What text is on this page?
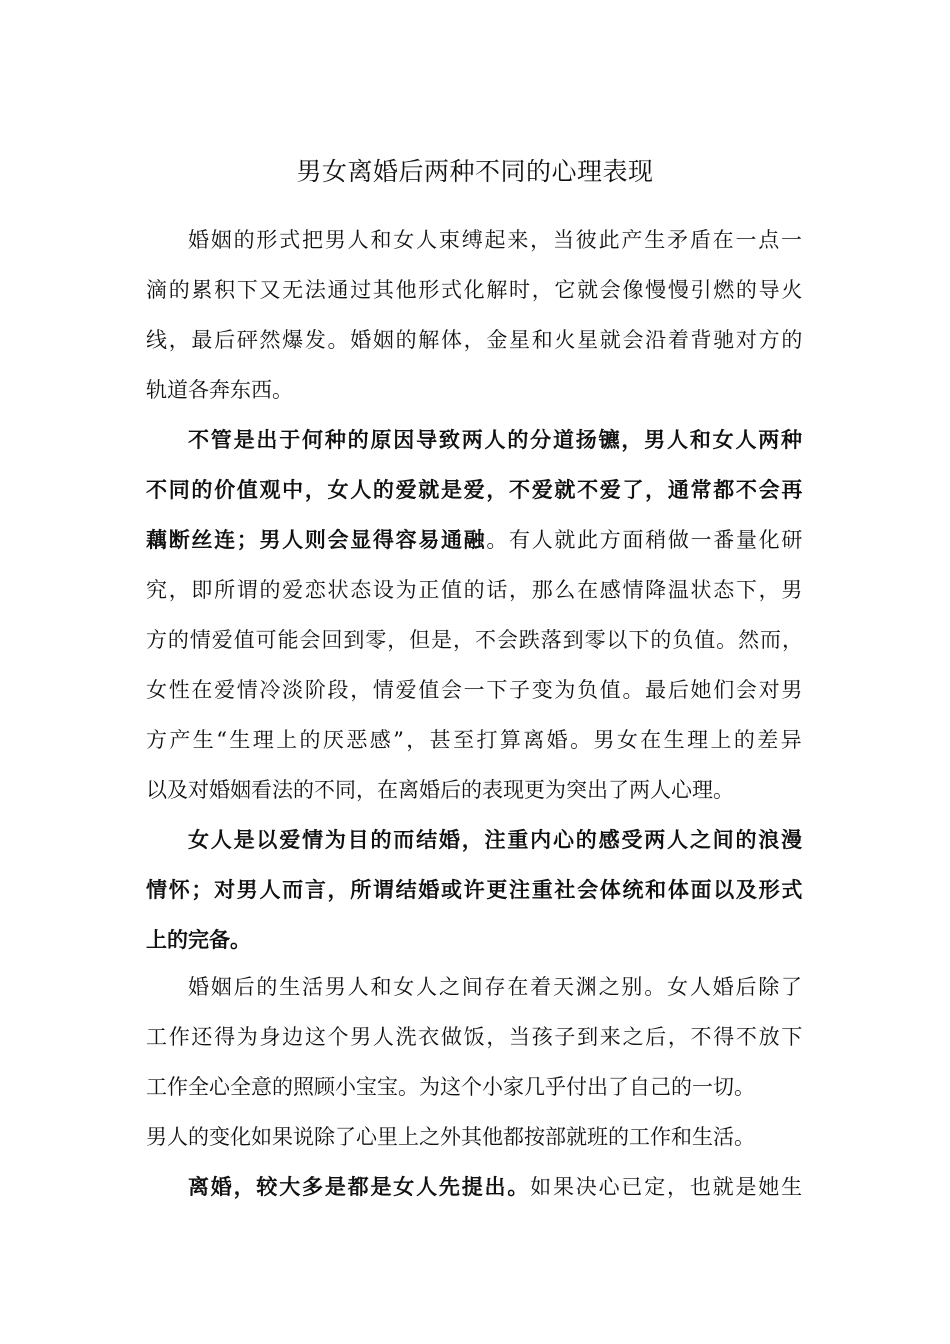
男女离婚后两种不同的心理表现
婚姻的形式把男人和女人束缚起来，当彼此产生矛盾在一点一
滴的累积下又无法通过其他形式化解时，它就会像慢慢引燃的导火
线，最后砰然爆发。婚姻的解体，金星和火星就会沿着背驰对方的
轨道各奔东西。
不管是出于何种的原因导致两人的分道扬镳，男人和女人两种
不同的价值观中，女人的爱就是爱，不爱就不爱了，通常都不会再
藕断丝连；男人则会显得容易通融。有人就此方面稍做一番量化研
究，即所谓的爱恋状态设为正值的话，那么在感情降温状态下，男
方的情爱值可能会回到零，但是，不会跌落到零以下的负值。然而，
女性在爱情冷淡阶段，情爱值会一下子变为负值。最后她们会对男
方产生“生理上的厌恶感”，甚至打算离婚。男女在生理上的差异
以及对婚姻看法的不同，在离婚后的表现更为突出了两人心理。
女人是以爱情为目的而结婚，注重内心的感受两人之间的浪漫
情怀；对男人而言，所谓结婚或许更注重社会体统和体面以及形式
上的完备。
婚姻后的生活男人和女人之间存在着天渊之别。女人婚后除了
工作还得为身边这个男人洗衣做饭，当孩子到来之后，不得不放下
工作全心全意的照顾小宝宝。为这个小家几乎付出了自己的一切。
男人的变化如果说除了心里上之外其他都按部就班的工作和生活。
离婚，较大多是都是女人先提出。如果决心已定，也就是她生
